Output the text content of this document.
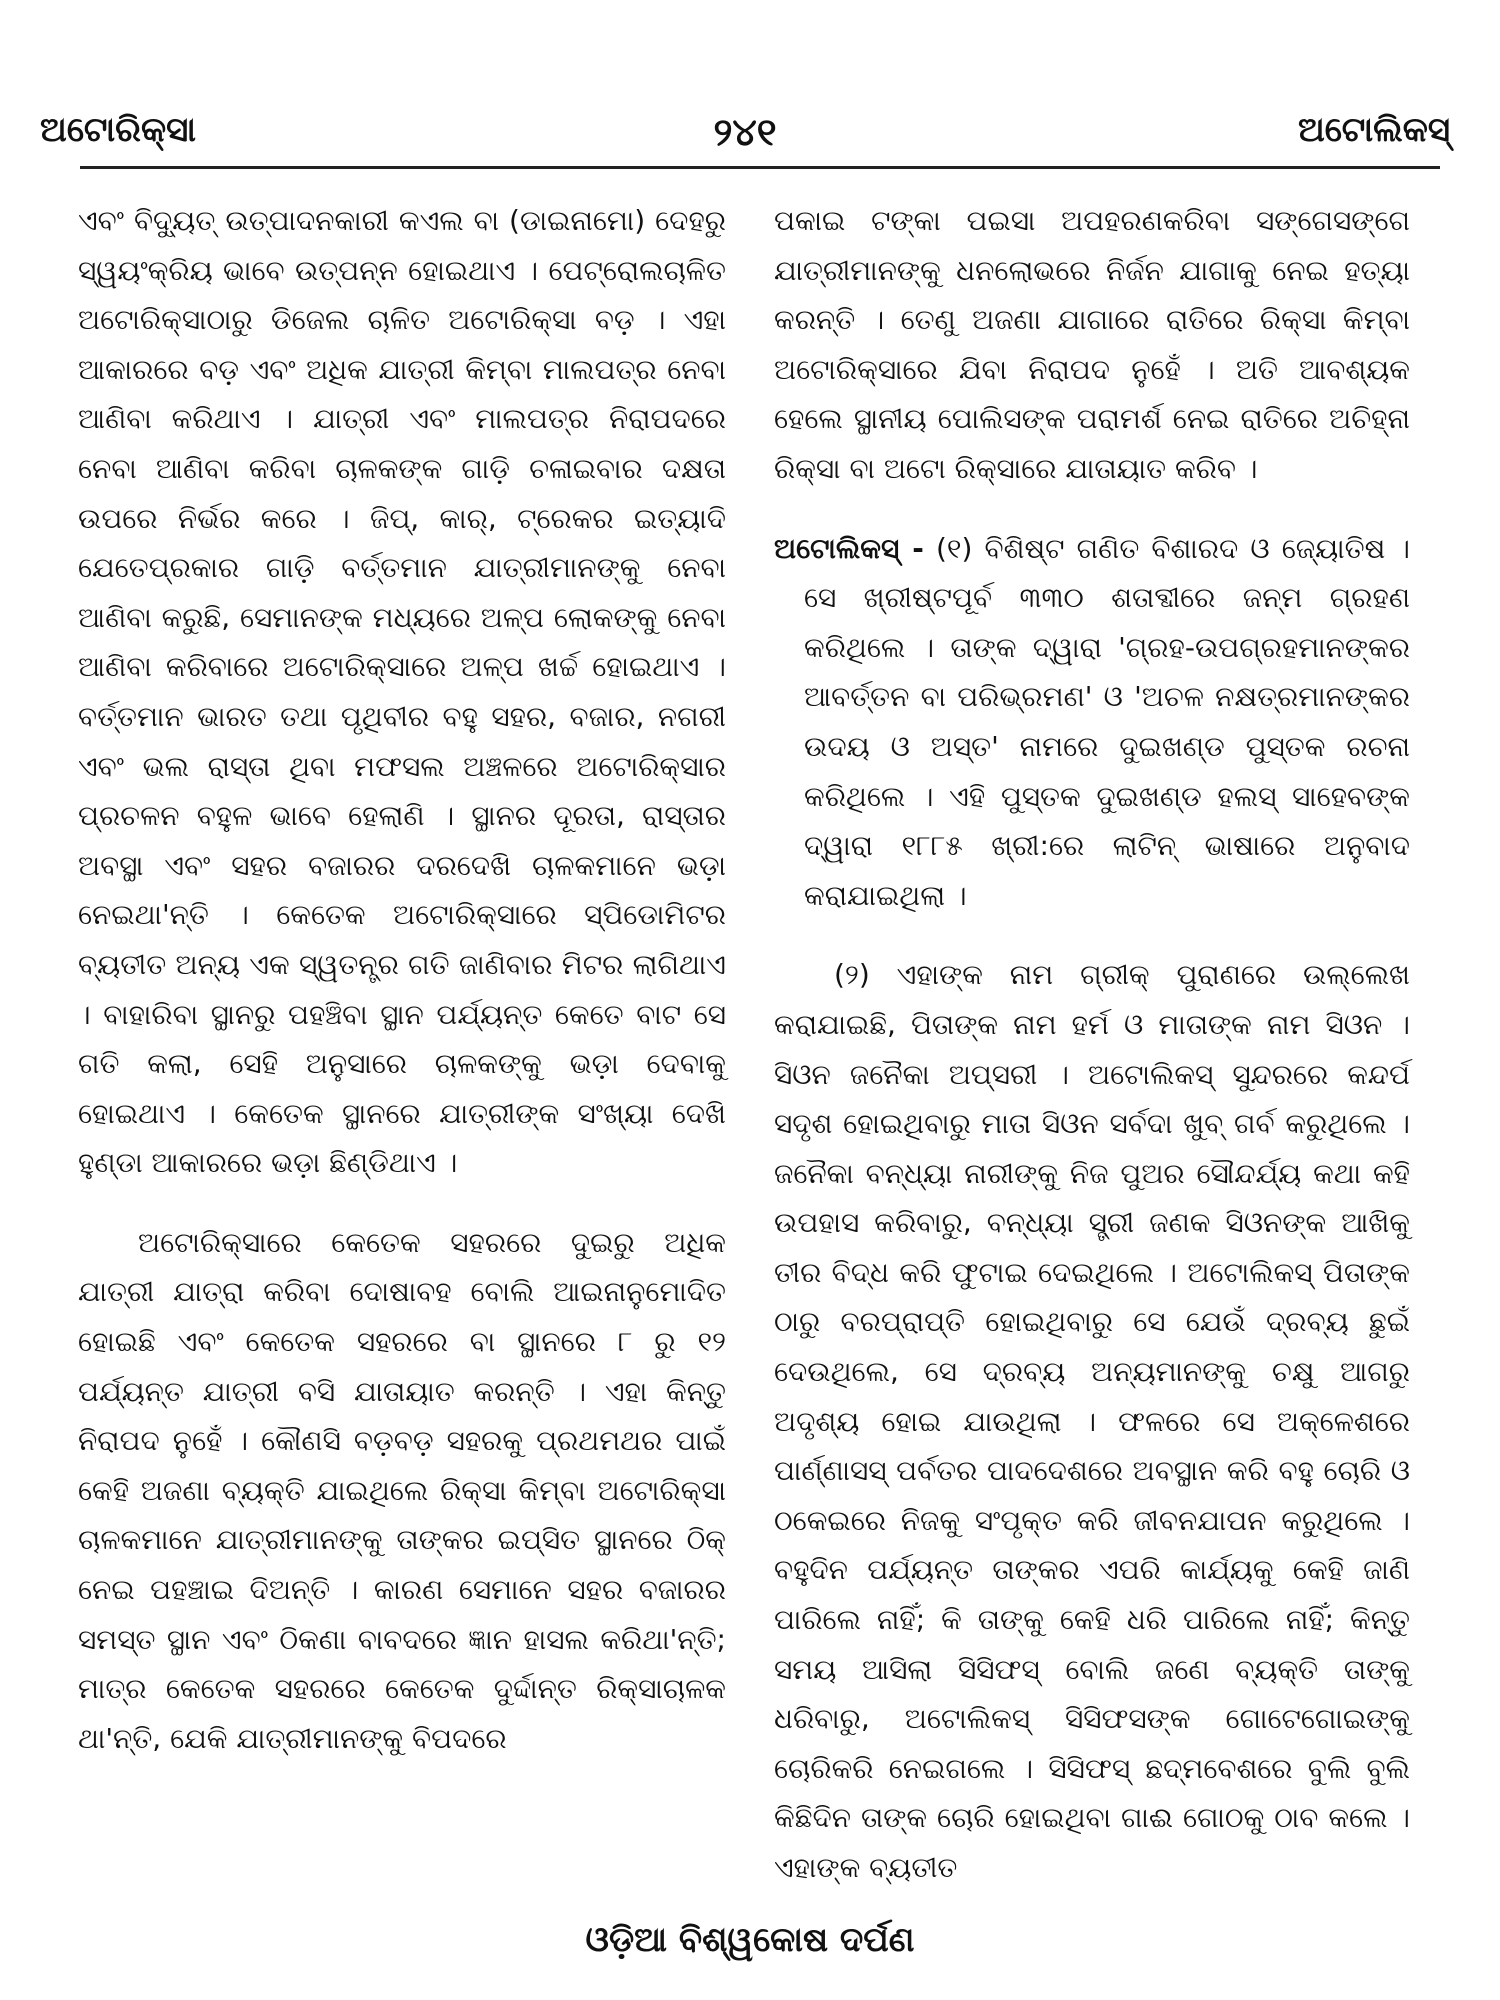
ଅଟୋରିକ୍ସା	୨୪୧	ଅଟୋଲିକସ୍

ଏବଂ ବିଦ୍ୟୁତ୍ ଉତ୍ପାଦନକାରୀ କଏଲ ବା (ଡାଇନାମୋ) ଦେହରୁ ସ୍ୱୟଂକ୍ରିୟ ଭାବେ ଉତ୍ପନ୍ନ ହୋଇଥାଏ । ପେଟ୍ରୋଲଚାଳିତ ଅଟୋରିକ୍ସାଠାରୁ ଡିଜେଲ ଚାଳିତ ଅଟୋରିକ୍ସା ବଡ଼ । ଏହା ଆକାରରେ ବଡ଼ ଏବଂ ଅଧିକ ଯାତ୍ରୀ କିମ୍ବା ମାଲପତ୍ର ନେବା ଆଣିବା କରିଥାଏ । ଯାତ୍ରୀ ଏବଂ ମାଲପତ୍ର ନିରାପଦରେ ନେବା ଆଣିବା କରିବା ଚାଳକଙ୍କ ଗାଡ଼ି ଚଳାଇବାର ଦକ୍ଷତା ଉପରେ ନିର୍ଭର କରେ । ଜିପ୍, କାର୍, ଟ୍ରେକର ଇତ୍ୟାଦି ଯେତେପ୍ରକାର ଗାଡ଼ି ବର୍ତ୍ତମାନ ଯାତ୍ରୀମାନଙ୍କୁ ନେବା ଆଣିବା କରୁଛି, ସେମାନଙ୍କ ମଧ୍ୟରେ ଅଳ୍ପ ଲୋକଙ୍କୁ ନେବା ଆଣିବା କରିବାରେ ଅଟୋରିକ୍ସାରେ ଅଳ୍ପ ଖର୍ଚ୍ଚ ହୋଇଥାଏ । ବର୍ତ୍ତମାନ ଭାରତ ତଥା ପୃଥିବୀର ବହୁ ସହର, ବଜାର, ନଗରୀ ଏବଂ ଭଲ ରାସ୍ତା ଥିବା ମଫସଲ ଅଞ୍ଚଳରେ ଅଟୋରିକ୍ସାର ପ୍ରଚଳନ ବହୁଳ ଭାବେ ହେଲାଣି । ସ୍ଥାନର ଦୂରତା, ରାସ୍ତାର ଅବସ୍ଥା ଏବଂ ସହର ବଜାରର ଦରଦେଖି ଚାଳକମାନେ ଭଡ଼ା ନେଇଥା'ନ୍ତି । କେତେକ ଅଟୋରିକ୍ସାରେ ସ୍ପିଡୋମିଟର ବ୍ୟତୀତ ଅନ୍ୟ ଏକ ସ୍ୱତନ୍ତ୍ର ଗତି ଜାଣିବାର ମିଟର ଲାଗିଥାଏ । ବାହାରିବା ସ୍ଥାନରୁ ପହଞ୍ଚିବା ସ୍ଥାନ ପର୍ଯ୍ୟନ୍ତ କେତେ ବାଟ ସେ ଗତି କଲା, ସେହି ଅନୁସାରେ ଚାଳକଙ୍କୁ ଭଡ଼ା ଦେବାକୁ ହୋଇଥାଏ । କେତେକ ସ୍ଥାନରେ ଯାତ୍ରୀଙ୍କ ସଂଖ୍ୟା ଦେଖି ହୁଣ୍ଡା ଆକାରରେ ଭଡ଼ା ଛିଣ୍ଡିଥାଏ ।

ଅଟୋରିକ୍ସାରେ କେତେକ ସହରରେ ଦୁଇରୁ ଅଧିକ ଯାତ୍ରୀ ଯାତ୍ରା କରିବା ଦୋଷାବହ ବୋଲି ଆଇନାନୁମୋଦିତ ହୋଇଛି ଏବଂ କେତେକ ସହରରେ ବା ସ୍ଥାନରେ ୮ ରୁ ୧୨ ପର୍ଯ୍ୟନ୍ତ ଯାତ୍ରୀ ବସି ଯାତାୟାତ କରନ୍ତି । ଏହା କିନ୍ତୁ ନିରାପଦ ନୁହେଁ । କୌଣସି ବଡ଼ବଡ଼ ସହରକୁ ପ୍ରଥମଥର ପାଇଁ କେହି ଅଜଣା ବ୍ୟକ୍ତି ଯାଇଥିଲେ ରିକ୍ସା କିମ୍ବା ଅଟୋରିକ୍ସା ଚାଳକମାନେ ଯାତ୍ରୀମାନଙ୍କୁ ତାଙ୍କର ଇପ୍ସିତ ସ୍ଥାନରେ ଠିକ୍ ନେଇ ପହଞ୍ଚାଇ ଦିଅନ୍ତି । କାରଣ ସେମାନେ ସହର ବଜାରର ସମସ୍ତ ସ୍ଥାନ ଏବଂ ଠିକଣା ବାବଦରେ ଜ୍ଞାନ ହାସଲ କରିଥା'ନ୍ତି; ମାତ୍ର କେତେକ ସହରରେ କେତେକ ଦୁର୍ଦ୍ଦାନ୍ତ ରିକ୍ସାଚାଳକ ଥା'ନ୍ତି, ଯେକି ଯାତ୍ରୀମାନଙ୍କୁ ବିପଦରେ

ପକାଇ ଟଙ୍କା ପଇସା ଅପହରଣକରିବା ସଙ୍ଗେସଙ୍ଗେ ଯାତ୍ରୀମାନଙ୍କୁ ଧନଲୋଭରେ ନିର୍ଜନ ଯାଗାକୁ ନେଇ ହତ୍ୟା କରନ୍ତି । ତେଣୁ ଅଜଣା ଯାଗାରେ ରାତିରେ ରିକ୍ସା କିମ୍ବା ଅଟୋରିକ୍ସାରେ ଯିବା ନିରାପଦ ନୁହେଁ । ଅତି ଆବଶ୍ୟକ ହେଲେ ସ୍ଥାନୀୟ ପୋଲିସଙ୍କ ପରାମର୍ଶ ନେଇ ରାତିରେ ଅଚିହ୍ନା ରିକ୍ସା ବା ଅଟୋ ରିକ୍ସାରେ ଯାତାୟାତ କରିବ ।

ଅଟୋଲିକସ୍ - (୧) ବିଶିଷ୍ଟ ଗଣିତ ବିଶାରଦ ଓ ଜ୍ୟୋତିଷ । ସେ ଖ୍ରୀଷ୍ଟପୂର୍ବ ୩୩୦ ଶତାବ୍ଦୀରେ ଜନ୍ମ ଗ୍ରହଣ କରିଥିଲେ । ତାଙ୍କ ଦ୍ୱାରା 'ଗ୍ରହ-ଉପଗ୍ରହମାନଙ୍କର ଆବର୍ତ୍ତନ ବା ପରିଭ୍ରମଣ' ଓ 'ଅଚଳ ନକ୍ଷତ୍ରମାନଙ୍କର ଉଦୟ ଓ ଅସ୍ତ' ନାମରେ ଦୁଇଖଣ୍ଡ ପୁସ୍ତକ ରଚନା କରିଥିଲେ । ଏହି ପୁସ୍ତକ ଦୁଇଖଣ୍ଡ ହଲସ୍ ସାହେବଙ୍କ ଦ୍ୱାରା ୧୮୮୫ ଖ୍ରୀ:ରେ ଲାଟିନ୍ ଭାଷାରେ ଅନୁବାଦ କରାଯାଇଥିଲା ।

(୨) ଏହାଙ୍କ ନାମ ଗ୍ରୀକ୍ ପୁରାଣରେ ଉଲ୍ଲେଖ କରାଯାଇଛି, ପିତାଙ୍କ ନାମ ହର୍ମ ଓ ମାତାଙ୍କ ନାମ ସିଓନ । ସିଓନ ଜନୈକା ଅପ୍ସରୀ । ଅଟୋଲିକସ୍ ସୁନ୍ଦରରେ କନ୍ଦର୍ପ ସଦୃଶ ହୋଇଥିବାରୁ ମାତା ସିଓନ ସର୍ବଦା ଖୁବ୍ ଗର୍ବ କରୁଥିଲେ । ଜନୈକା ବନ୍ଧ୍ୟା ନାରୀଙ୍କୁ ନିଜ ପୁଅର ସୌନ୍ଦର୍ଯ୍ୟ କଥା କହି ଉପହାସ କରିବାରୁ, ବନ୍ଧ୍ୟା ସ୍ତ୍ରୀ ଜଣକ ସିଓନଙ୍କ ଆଖିକୁ ତୀର ବିଦ୍ଧ କରି ଫୁଟାଇ ଦେଇଥିଲେ । ଅଟୋଲିକସ୍ ପିତାଙ୍କ ଠାରୁ ବରପ୍ରାପ୍ତି ହୋଇଥିବାରୁ ସେ ଯେଉଁ ଦ୍ରବ୍ୟ ଛୁଇଁ ଦେଉଥିଲେ, ସେ ଦ୍ରବ୍ୟ ଅନ୍ୟମାନଙ୍କୁ ଚକ୍ଷୁ ଆଗରୁ ଅଦୃଶ୍ୟ ହୋଇ ଯାଉଥିଲା । ଫଳରେ ସେ ଅକ୍ଳେଶରେ ପାର୍ଣ୍ଣାସସ୍ ପର୍ବତର ପାଦଦେଶରେ ଅବସ୍ଥାନ କରି ବହୁ ଚୋରି ଓ ଠକେଇରେ ନିଜକୁ ସଂପୃକ୍ତ କରି ଜୀବନଯାପନ କରୁଥିଲେ । ବହୁଦିନ ପର୍ଯ୍ୟନ୍ତ ତାଙ୍କର ଏପରି କାର୍ଯ୍ୟକୁ କେହି ଜାଣି ପାରିଲେ ନାହିଁ; କି ତାଙ୍କୁ କେହି ଧରି ପାରିଲେ ନାହିଁ; କିନ୍ତୁ ସମୟ ଆସିଲା ସିସିଫସ୍ ବୋଲି ଜଣେ ବ୍ୟକ୍ତି ତାଙ୍କୁ ଧରିବାରୁ, ଅଟୋଲିକସ୍ ସିସିଫସଙ୍କ ଗୋଟେଗୋଇଙ୍କୁ ଚୋରିକରି ନେଇଗଲେ । ସିସିଫସ୍ ଛଦ୍ମବେଶରେ ବୁଲି ବୁଲି କିଛିଦିନ ତାଙ୍କ ଚୋରି ହୋଇଥିବା ଗାଈ ଗୋଠକୁ ଠାବ କଲେ । ଏହାଙ୍କ ବ୍ୟତୀତ

ଓଡ଼ିଆ ବିଶ୍ୱକୋଷ ଦର୍ପଣ
